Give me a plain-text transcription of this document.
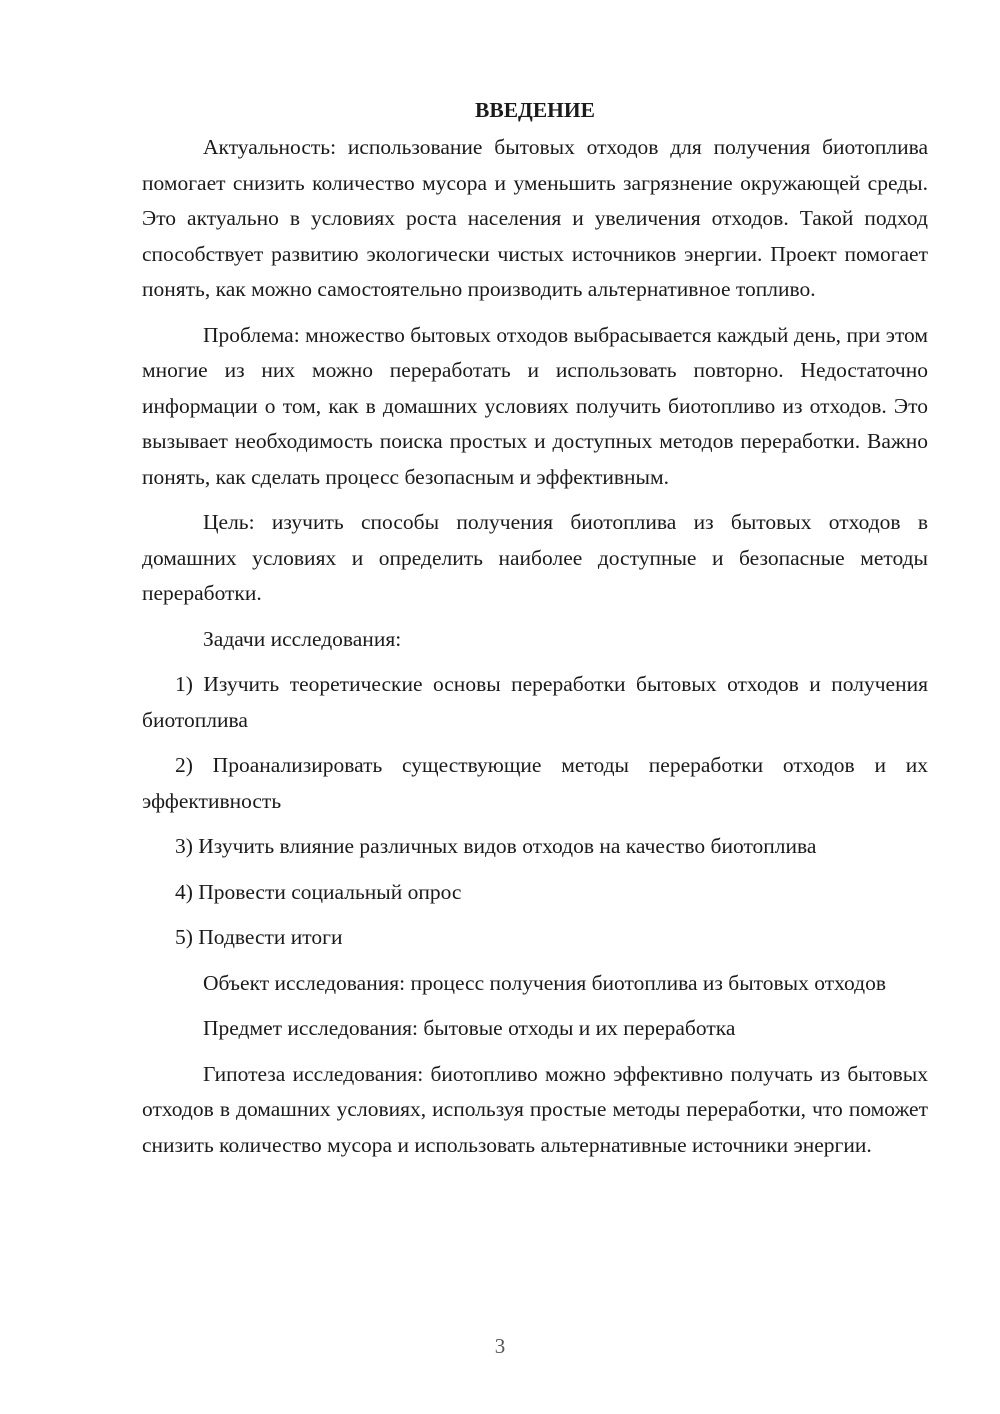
ВВЕДЕНИЕ

Актуальность: использование бытовых отходов для получения биотоплива помогает снизить количество мусора и уменьшить загрязнение окружающей среды. Это актуально в условиях роста населения и увеличения отходов. Такой подход способствует развитию экологически чистых источников энергии. Проект помогает понять, как можно самостоятельно производить альтернативное топливо.

Проблема: множество бытовых отходов выбрасывается каждый день, при этом многие из них можно переработать и использовать повторно. Недостаточно информации о том, как в домашних условиях получить биотопливо из отходов. Это вызывает необходимость поиска простых и доступных методов переработки. Важно понять, как сделать процесс безопасным и эффективным.

Цель: изучить способы получения биотоплива из бытовых отходов в домашних условиях и определить наиболее доступные и безопасные методы переработки.

Задачи исследования:

1) Изучить теоретические основы переработки бытовых отходов и получения биотоплива

2) Проанализировать существующие методы переработки отходов и их эффективность

3) Изучить влияние различных видов отходов на качество биотоплива

4) Провести социальный опрос

5) Подвести итоги

Объект исследования: процесс получения биотоплива из бытовых отходов

Предмет исследования: бытовые отходы и их переработка

Гипотеза исследования: биотопливо можно эффективно получать из бытовых отходов в домашних условиях, используя простые методы переработки, что поможет снизить количество мусора и использовать альтернативные источники энергии.

3
